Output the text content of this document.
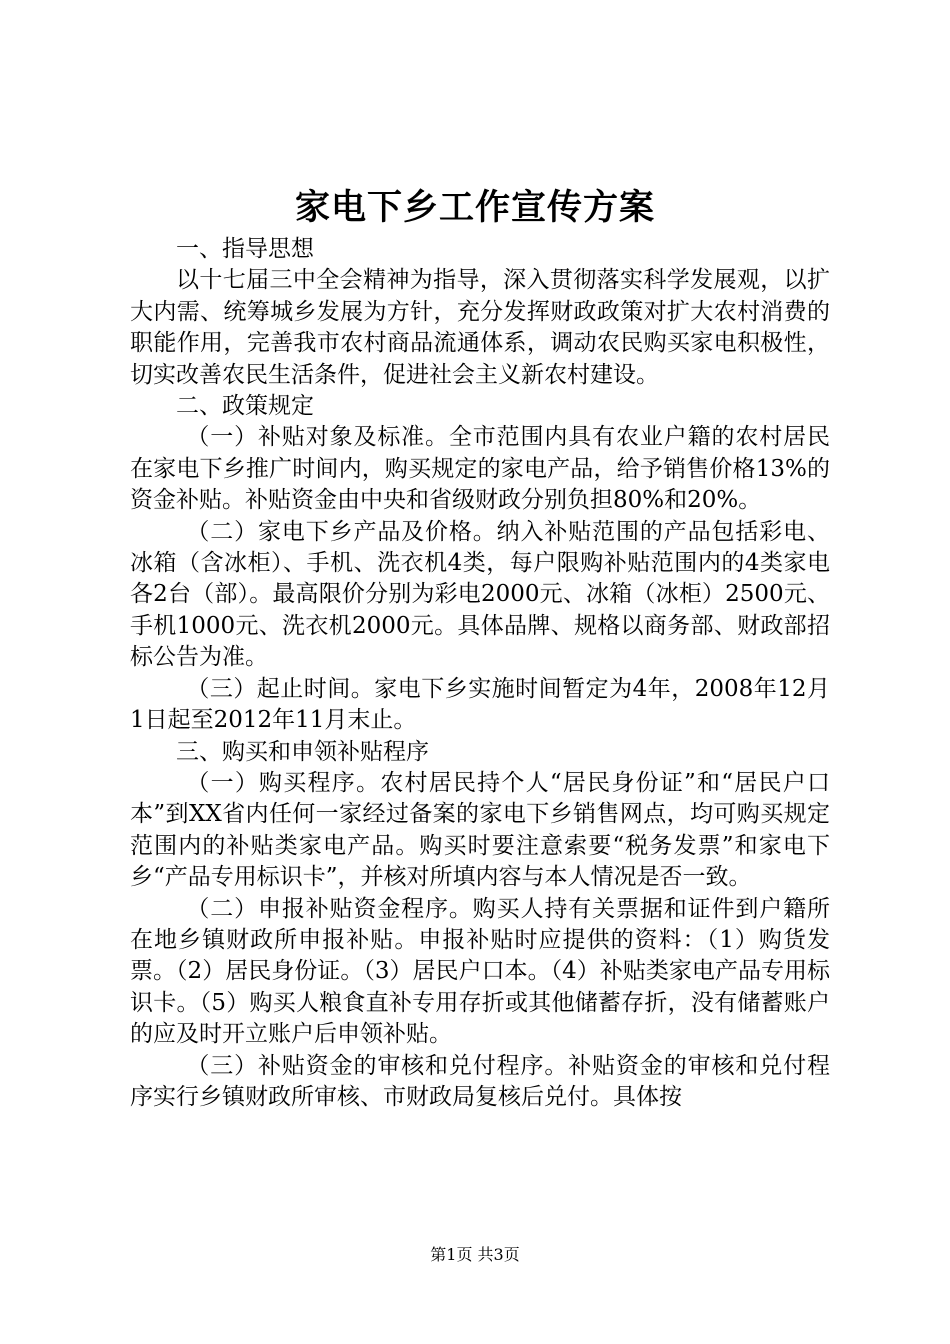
家电下乡工作宣传方案

一、指导思想

以十七届三中全会精神为指导，深入贯彻落实科学发展观，以扩大内需、统筹城乡发展为方针，充分发挥财政政策对扩大农村消费的职能作用，完善我市农村商品流通体系，调动农民购买家电积极性，切实改善农民生活条件，促进社会主义新农村建设。

二、政策规定

（一）补贴对象及标准。全市范围内具有农业户籍的农村居民在家电下乡推广时间内，购买规定的家电产品，给予销售价格13%的资金补贴。补贴资金由中央和省级财政分别负担80%和20%。

（二）家电下乡产品及价格。纳入补贴范围的产品包括彩电、冰箱（含冰柜）、手机、洗衣机4类，每户限购补贴范围内的4类家电各2台（部）。最高限价分别为彩电2000元、冰箱（冰柜）2500元、手机1000元、洗衣机2000元。具体品牌、规格以商务部、财政部招标公告为准。

（三）起止时间。家电下乡实施时间暂定为4年，2008年12月1日起至2012年11月末止。

三、购买和申领补贴程序

（一）购买程序。农村居民持个人“居民身份证”和“居民户口本”到XX省内任何一家经过备案的家电下乡销售网点，均可购买规定范围内的补贴类家电产品。购买时要注意索要“税务发票”和家电下乡“产品专用标识卡”，并核对所填内容与本人情况是否一致。

（二）申报补贴资金程序。购买人持有关票据和证件到户籍所在地乡镇财政所申报补贴。申报补贴时应提供的资料：（1）购货发票。（2）居民身份证。（3）居民户口本。（4）补贴类家电产品专用标识卡。（5）购买人粮食直补专用存折或其他储蓄存折，没有储蓄账户的应及时开立账户后申领补贴。

（三）补贴资金的审核和兑付程序。补贴资金的审核和兑付程序实行乡镇财政所审核、市财政局复核后兑付。具体按

第1页 共3页
